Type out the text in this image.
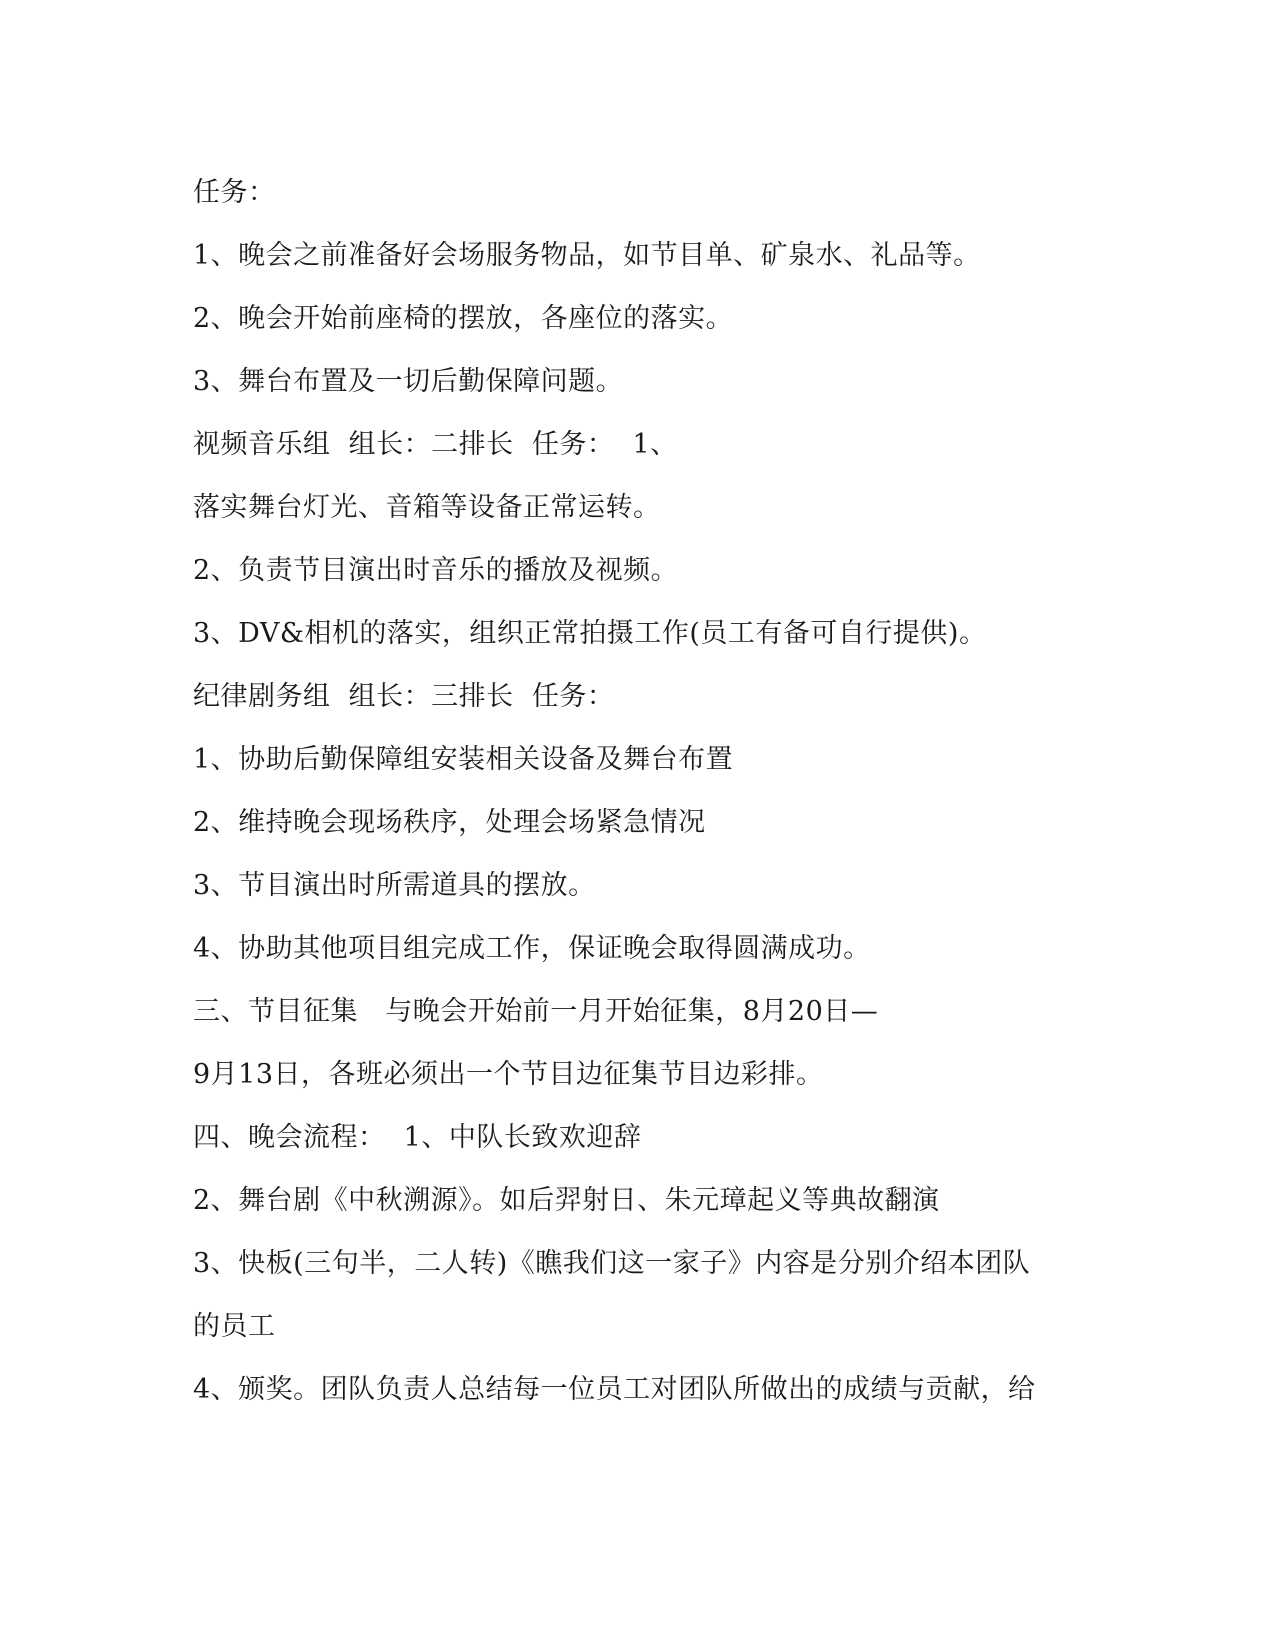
任务：
1、晚会之前准备好会场服务物品，如节目单、矿泉水、礼品等。
2、晚会开始前座椅的摆放，各座位的落实。
3、舞台布置及一切后勤保障问题。
视频音乐组  组长：二排长  任务：  1、
落实舞台灯光、音箱等设备正常运转。
2、负责节目演出时音乐的播放及视频。
3、DV&相机的落实，组织正常拍摄工作(员工有备可自行提供)。
纪律剧务组  组长：三排长  任务：
1、协助后勤保障组安装相关设备及舞台布置
2、维持晚会现场秩序，处理会场紧急情况
3、节目演出时所需道具的摆放。
4、协助其他项目组完成工作，保证晚会取得圆满成功。
三、节目征集   与晚会开始前一月开始征集，8月20日—
9月13日，各班必须出一个节目边征集节目边彩排。
四、晚会流程：  1、中队长致欢迎辞
2、舞台剧《中秋溯源》。如后羿射日、朱元璋起义等典故翻演
3、快板(三句半，二人转)《瞧我们这一家子》内容是分别介绍本团队
的员工
4、颁奖。团队负责人总结每一位员工对团队所做出的成绩与贡献，给
